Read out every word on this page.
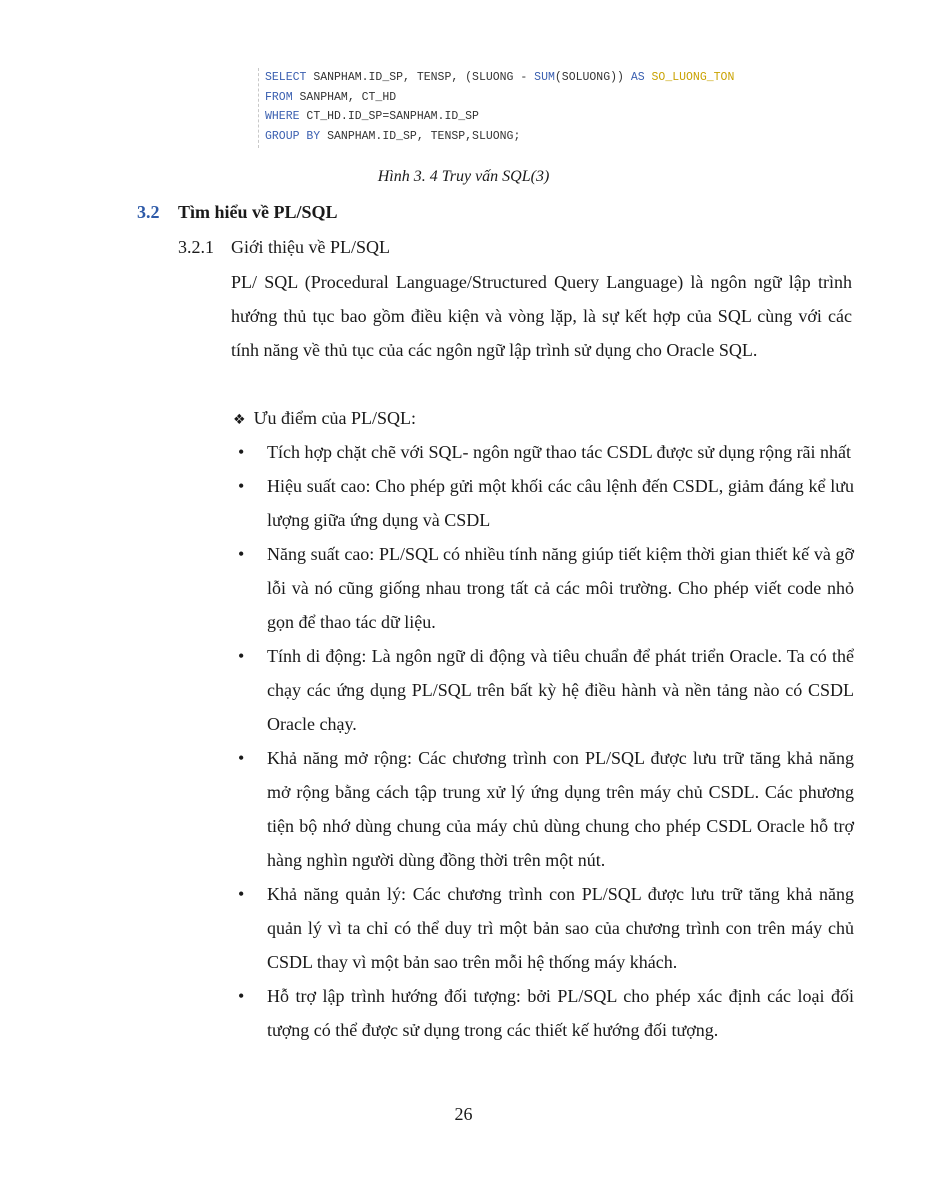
SELECT SANPHAM.ID_SP, TENSP, (SLUONG - SUM(SOLUONG)) AS SO_LUONG_TON
FROM SANPHAM, CT_HD
WHERE CT_HD.ID_SP=SANPHAM.ID_SP
GROUP BY SANPHAM.ID_SP, TENSP,SLUONG;
Hình 3. 4 Truy vấn SQL(3)
3.2 Tìm hiểu về PL/SQL
3.2.1 Giới thiệu về PL/SQL
PL/ SQL (Procedural Language/Structured Query Language) là ngôn ngữ lập trình hướng thủ tục bao gồm điều kiện và vòng lặp, là sự kết hợp của SQL cùng với các tính năng về thủ tục của các ngôn ngữ lập trình sử dụng cho Oracle SQL.
❖ Ưu điểm của PL/SQL:
• Tích hợp chặt chẽ với SQL- ngôn ngữ thao tác CSDL được sử dụng rộng rãi nhất
• Hiệu suất cao: Cho phép gửi một khối các câu lệnh đến CSDL, giảm đáng kể lưu lượng giữa ứng dụng và CSDL
• Năng suất cao: PL/SQL có nhiều tính năng giúp tiết kiệm thời gian thiết kế và gỡ lỗi và nó cũng giống nhau trong tất cả các môi trường. Cho phép viết code nhỏ gọn để thao tác dữ liệu.
• Tính di động: Là ngôn ngữ di động và tiêu chuẩn để phát triển Oracle. Ta có thể chạy các ứng dụng PL/SQL trên bất kỳ hệ điều hành và nền tảng nào có CSDL Oracle chạy.
• Khả năng mở rộng: Các chương trình con PL/SQL được lưu trữ tăng khả năng mở rộng bằng cách tập trung xử lý ứng dụng trên máy chủ CSDL. Các phương tiện bộ nhớ dùng chung của máy chủ dùng chung cho phép CSDL Oracle hỗ trợ hàng nghìn người dùng đồng thời trên một nút.
• Khả năng quản lý: Các chương trình con PL/SQL được lưu trữ tăng khả năng quản lý vì ta chỉ có thể duy trì một bản sao của chương trình con trên máy chủ CSDL thay vì một bản sao trên mỗi hệ thống máy khách.
• Hỗ trợ lập trình hướng đối tượng: bởi PL/SQL cho phép xác định các loại đối tượng có thể được sử dụng trong các thiết kế hướng đối tượng.
26
